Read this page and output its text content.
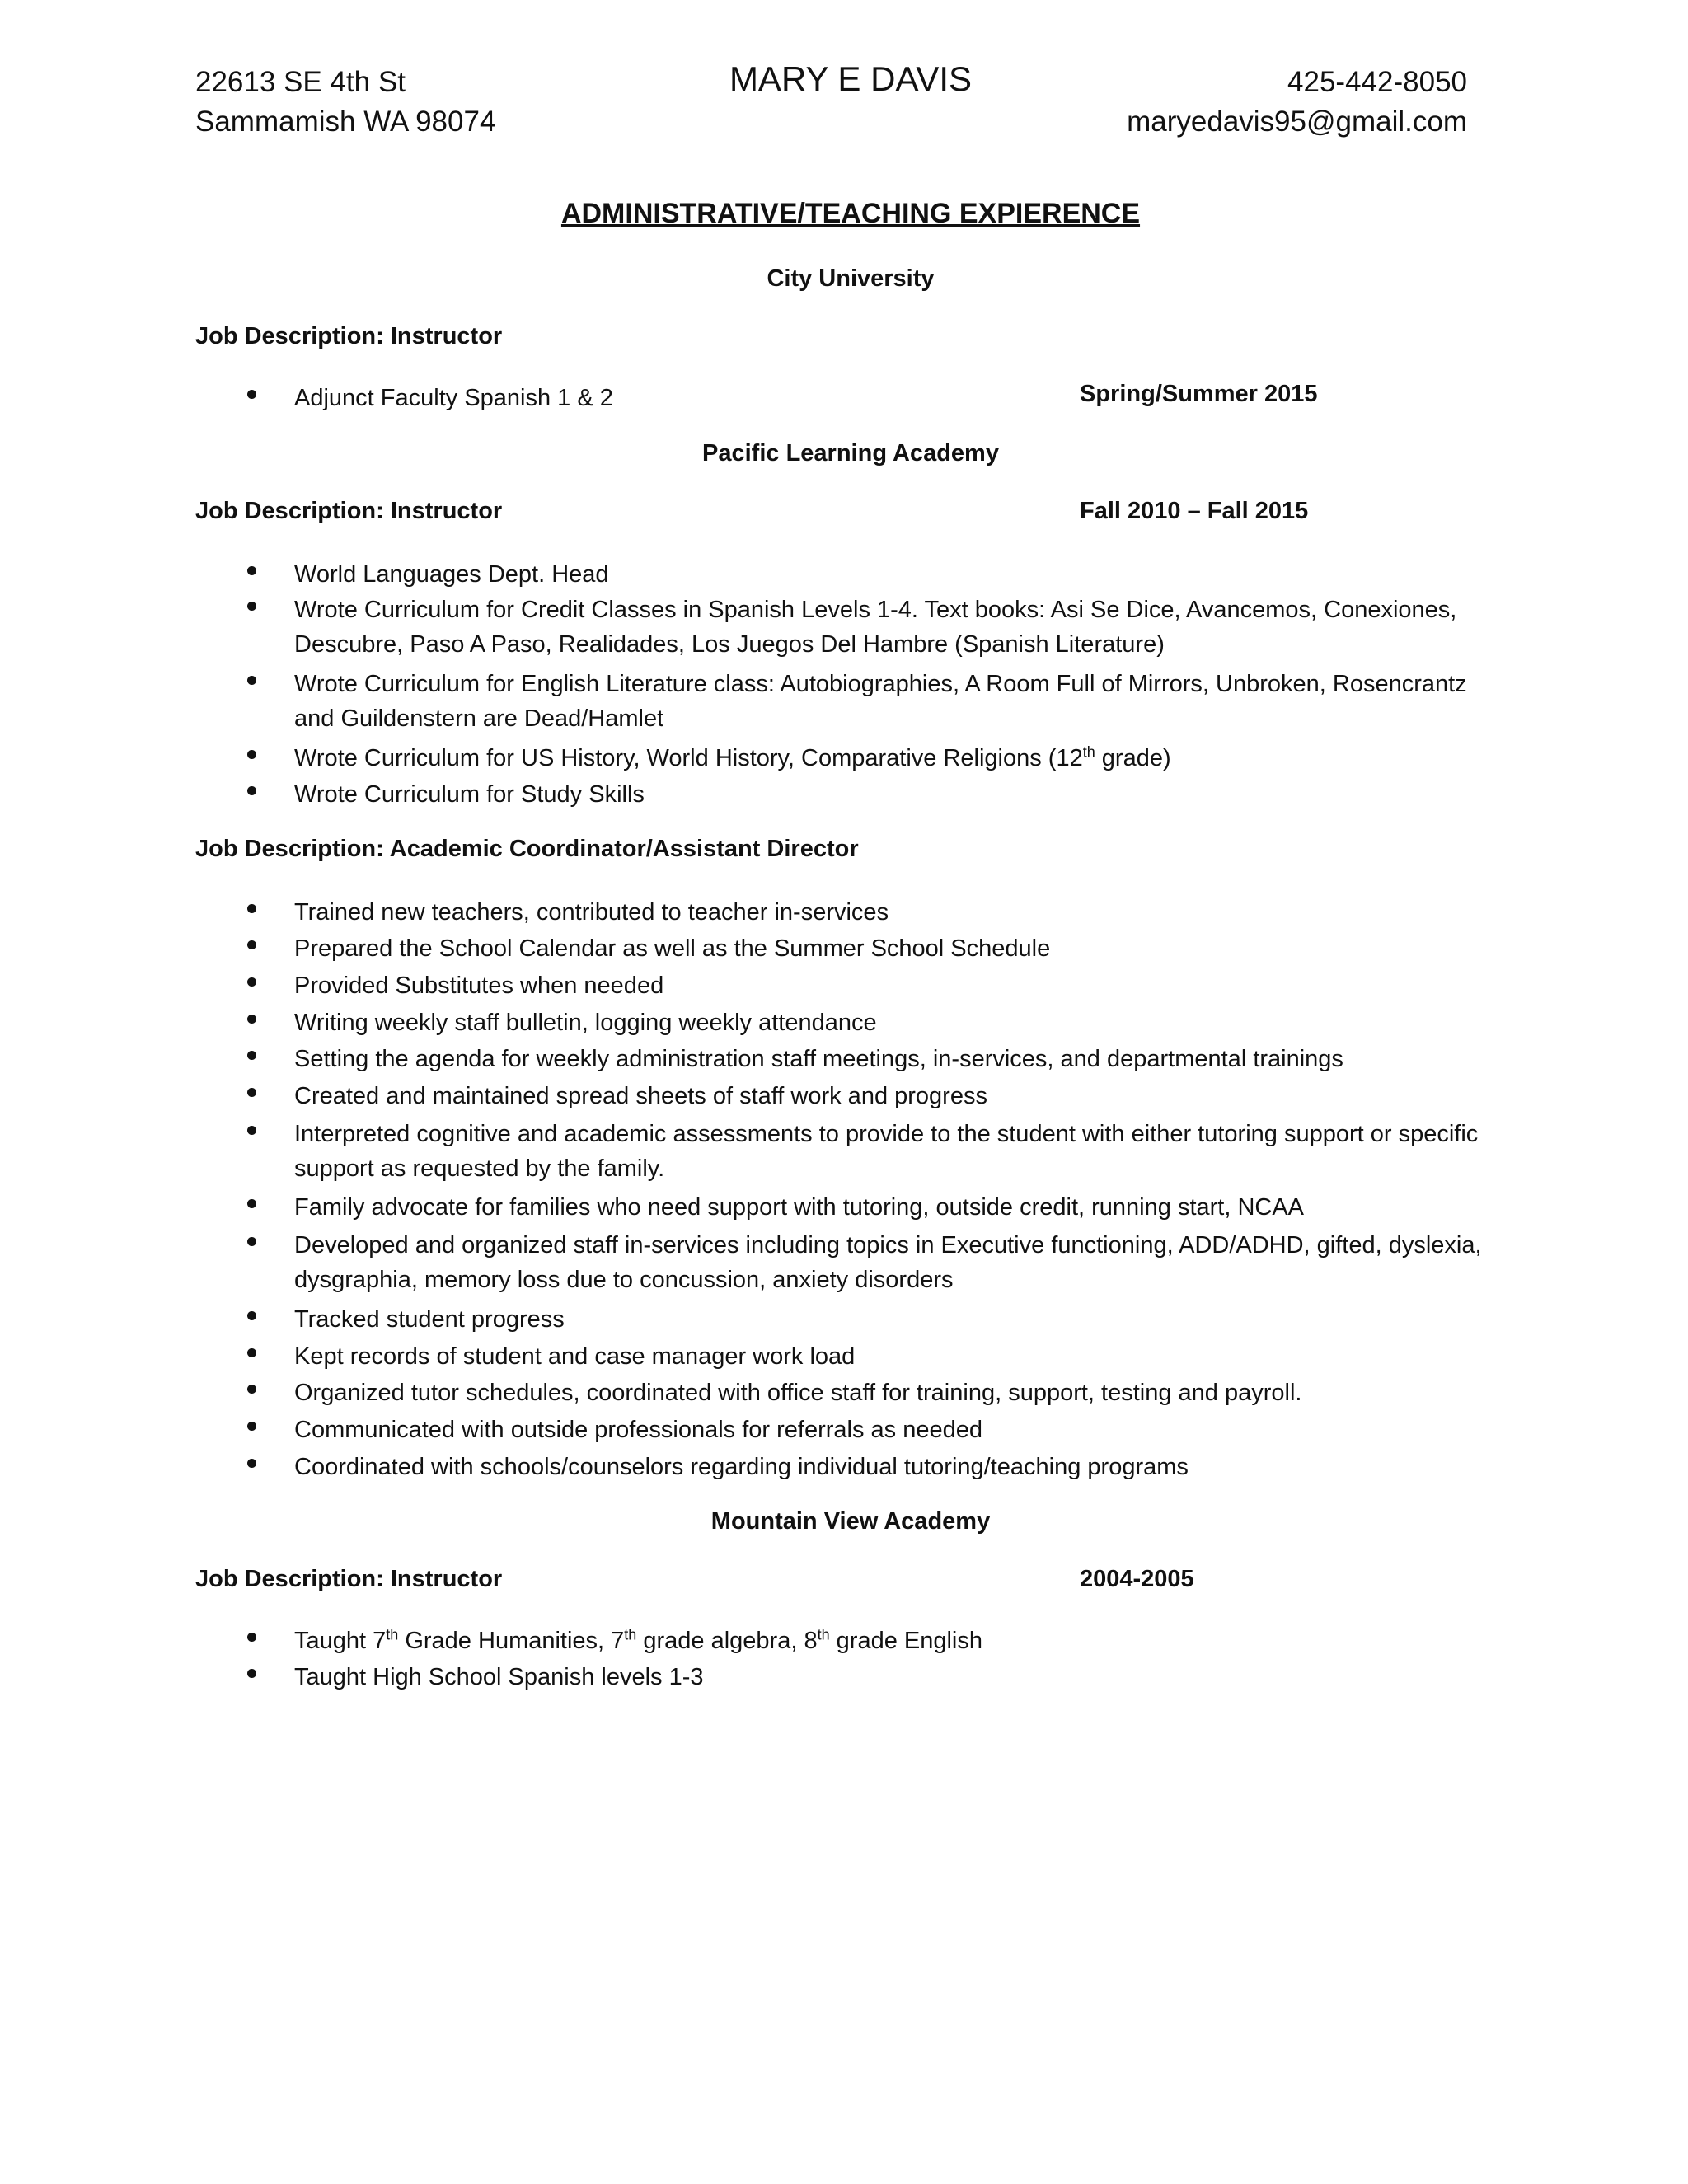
22613 SE 4th St
Sammamish WA 98074
MARY E DAVIS	425-442-8050
maryedavis95@gmail.com
ADMINISTRATIVE/TEACHING EXPIERENCE
City University
Job Description: Instructor
Spring/Summer 2015
Adjunct Faculty Spanish 1 & 2
Pacific Learning Academy
Job Description: Instructor	Fall 2010 – Fall 2015
World Languages Dept. Head
Wrote Curriculum for Credit Classes in Spanish Levels 1-4. Text books: Asi Se Dice, Avancemos, Conexiones, Descubre, Paso A Paso, Realidades, Los Juegos Del Hambre (Spanish Literature)
Wrote Curriculum for English Literature class: Autobiographies, A Room Full of Mirrors, Unbroken, Rosencrantz and Guildenstern are Dead/Hamlet
Wrote Curriculum for US History, World History, Comparative Religions (12th grade)
Wrote Curriculum for Study Skills
Job Description: Academic Coordinator/Assistant Director
Trained new teachers, contributed to teacher in-services
Prepared the School Calendar as well as the Summer School Schedule
Provided Substitutes when needed
Writing weekly staff bulletin, logging weekly attendance
Setting the agenda for weekly administration staff meetings, in-services, and departmental trainings
Created and maintained spread sheets of staff work and progress
Interpreted cognitive and academic assessments to provide to the student with either tutoring support or specific support as requested by the family.
Family advocate for families who need support with tutoring, outside credit, running start, NCAA
Developed and organized staff in-services including topics in Executive functioning, ADD/ADHD, gifted, dyslexia, dysgraphia, memory loss due to concussion, anxiety disorders
Tracked student progress
Kept records of student and case manager work load
Organized tutor schedules, coordinated with office staff for training, support, testing and payroll.
Communicated with outside professionals for referrals as needed
Coordinated with schools/counselors regarding individual tutoring/teaching programs
Mountain View Academy
Job Description: Instructor	2004-2005
Taught 7th Grade Humanities, 7th grade algebra, 8th grade English
Taught High School Spanish levels 1-3
